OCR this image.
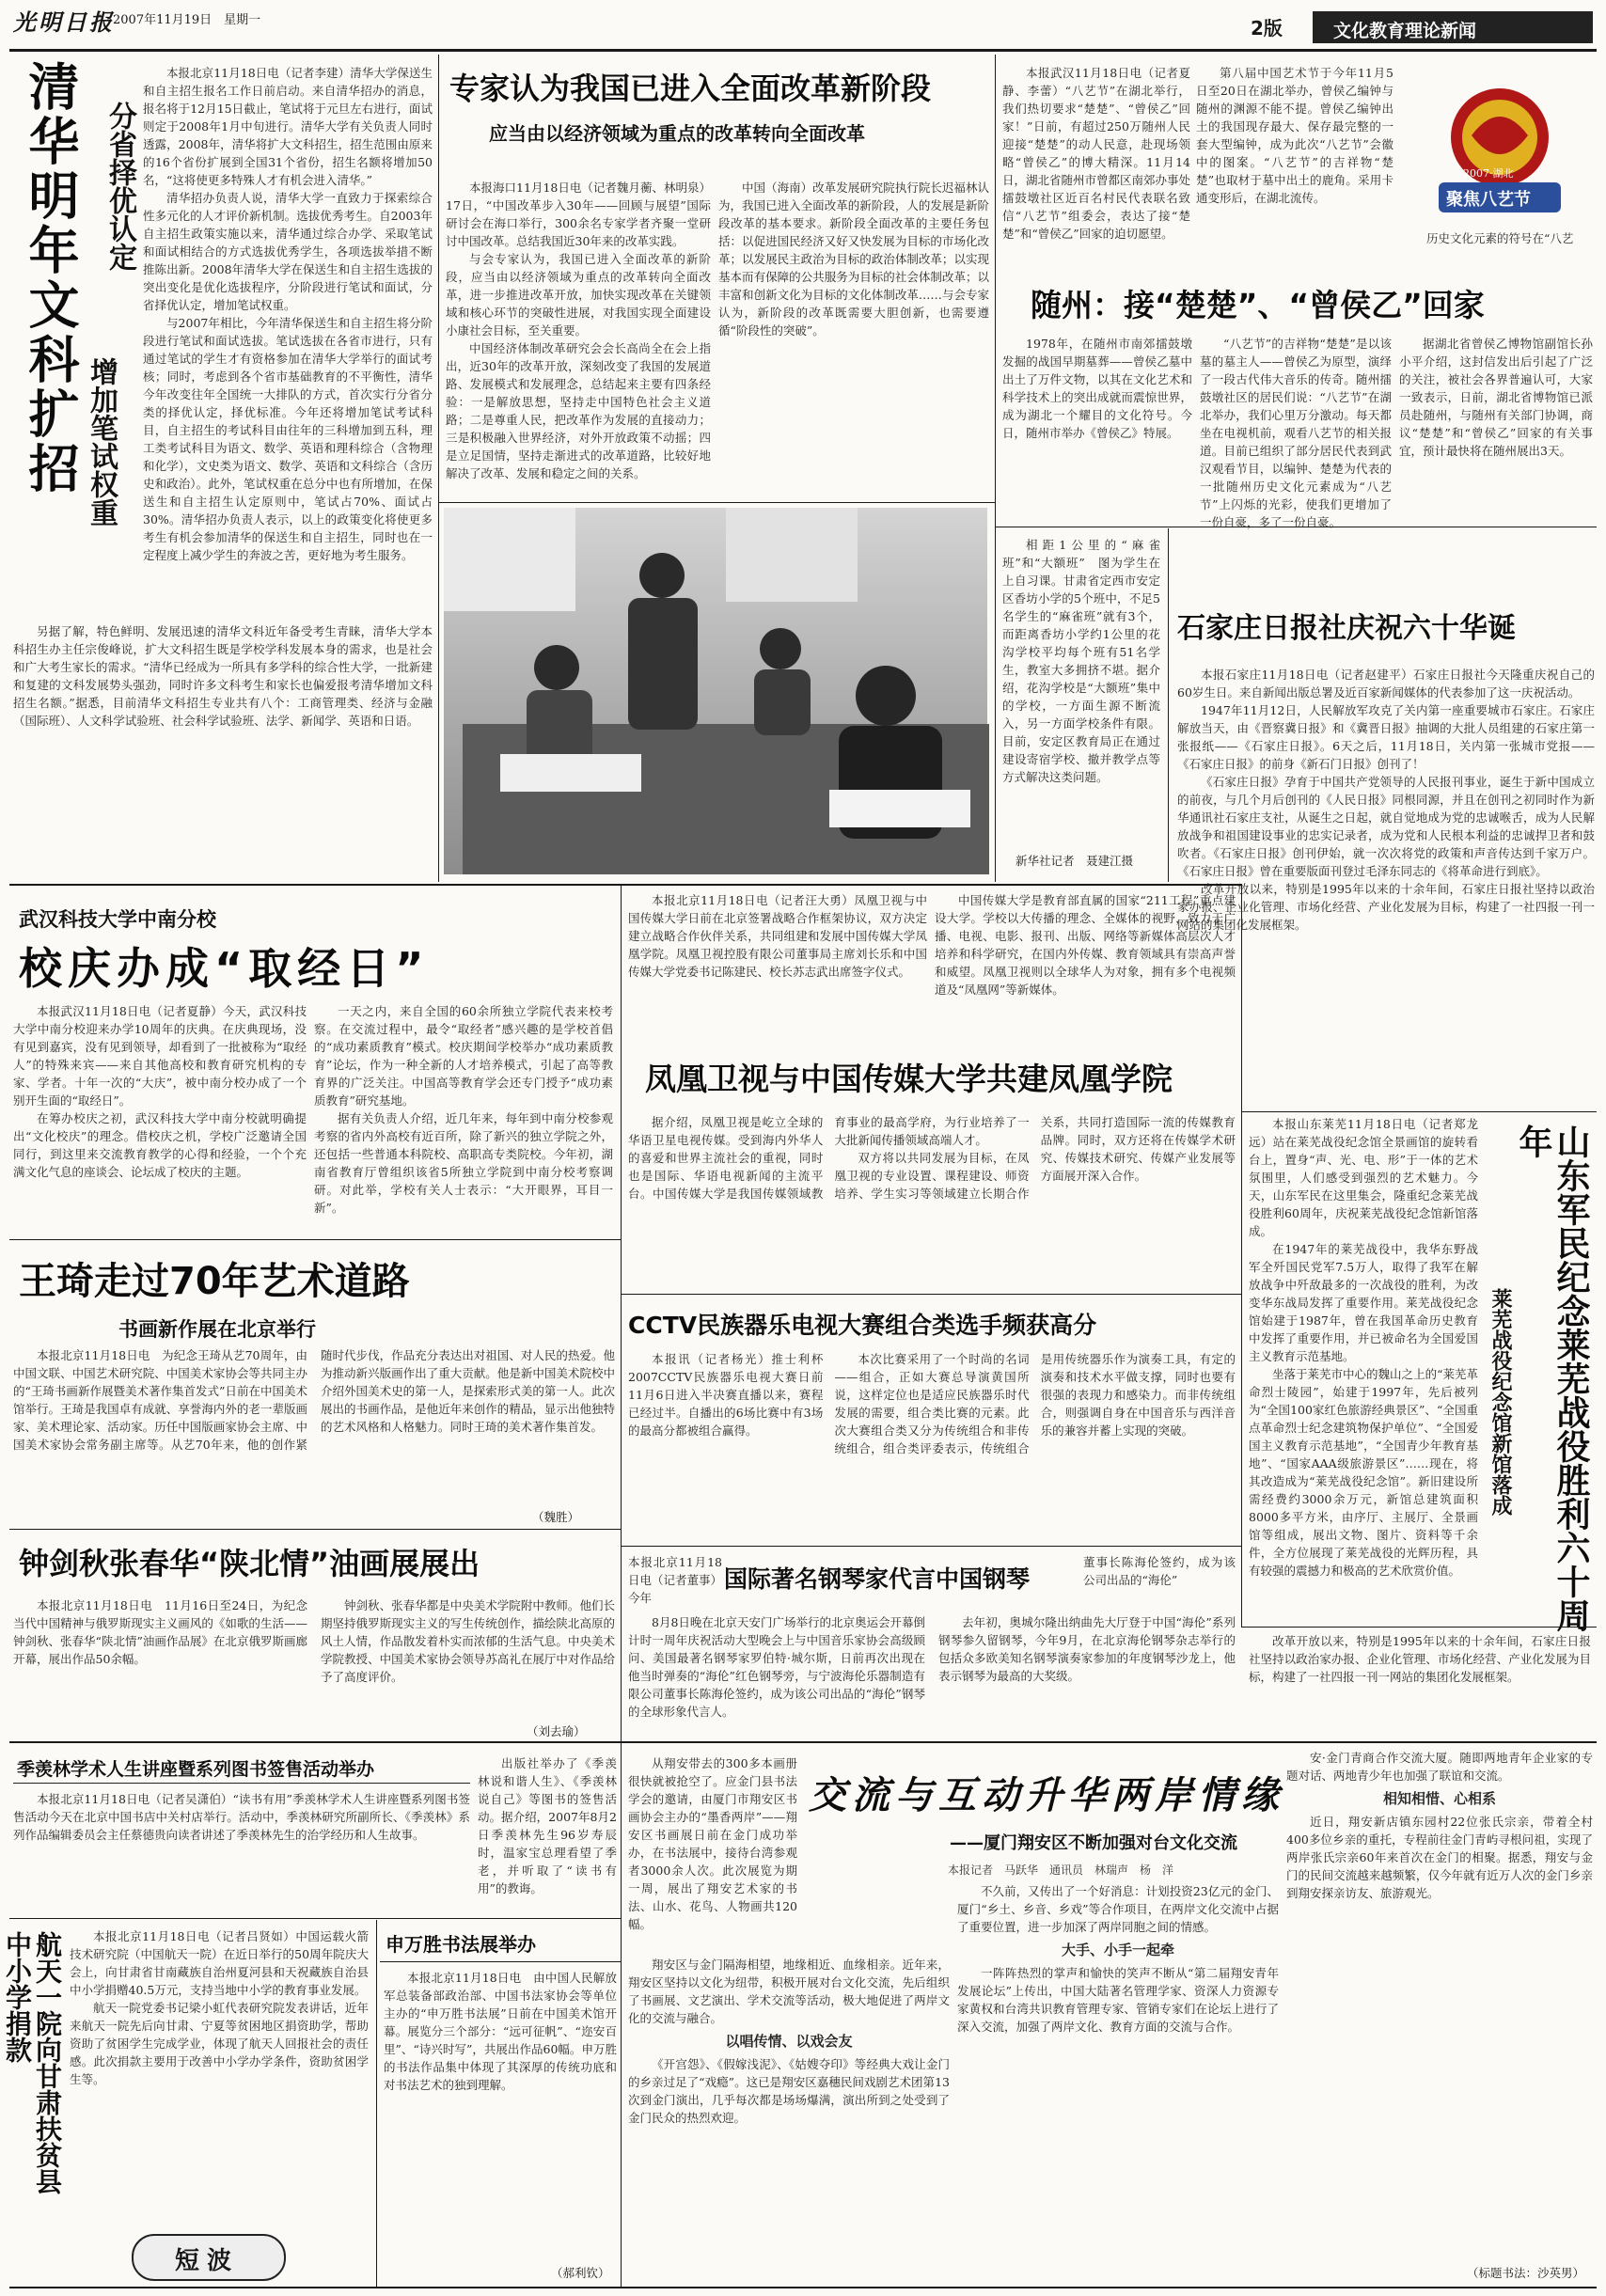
光明日报
2007年11月19日　星期一	2版	文化教育理论新闻
清华明年文科扩招 分省择优认定
增加笔试权重

本报北京11月18日电（记者李建）清华大学保送生和自主招生报名工作日前启动。来自清华招办的消息，报名将于12月15日截止，笔试将于元旦左右进行，面试则定于2008年1月中旬进行。清华大学有关负责人同时透露，2008年，清华将扩大文科招生，招生范围由原来的16个省份扩展到全国31个省份，招生名额将增加50名，“这将使更多特殊人才有机会进入清华。”

清华招办负责人说，清华大学一直致力于探索综合性多元化的人才评价新机制。选拔优秀考生。自2003年自主招生政策实施以来，清华通过综合办学、采取笔试和面试相结合的方式选拔优秀学生，各项选拔举措不断推陈出新。2008年清华大学在保送生和自主招生选拔的突出变化是优化选拔程序，分阶段进行笔试和面试，分省择优认定，增加笔试权重。

与2007年相比，今年清华保送生和自主招生将分阶段进行笔试和面试选拔。笔试选拔在各省市进行，只有通过笔试的学生才有资格参加在清华大学举行的面试考核；同时，考虑到各个省市基础教育的不平衡性，清华今年改变往年全国统一大排队的方式，首次实行分省分类的择优认定，择优标准。今年还将增加笔试考试科目，自主招生的考试科目由往年的三科增加到五科，理工类考试科目为语文、数学、英语和理科综合（含物理和化学），文史类为语文、数学、英语和文科综合（含历史和政治）。此外，笔试权重在总分中也有所增加，在保送生和自主招生认定原则中，笔试占70%、面试占30%。清华招办负责人表示，以上的政策变化将使更多考生有机会参加清华的保送生和自主招生，同时也在一定程度上减少学生的奔波之苦，更好地为考生服务。

另据了解，特色鲜明、发展迅速的清华文科近年备受考生青睐，清华大学本科招生办主任宗俊峰说，扩大文科招生既是学校学科发展本身的需求，也是社会和广大考生家长的需求。“清华已经成为一所具有多学科的综合性大学，一批新建和复建的文科发展势头强劲，同时许多文科考生和家长也偏爱报考清华增加文科招生名额。”据悉，目前清华文科招生专业共有八个：工商管理类、经济与金融（国际班）、人文科学试验班、社会科学试验班、法学、新闻学、英语和日语。

专家认为我国已进入全面改革新阶段
应当由以经济领域为重点的改革转向全面改革

本报海口11月18日电（记者魏月蘅、林明泉）17日，“中国改革步入30年——回顾与展望”国际研讨会在海口举行，300余名专家学者齐聚一堂研讨中国改革。总结我国近30年来的改革实践。

与会专家认为，我国已进入全面改革的新阶段，应当由以经济领域为重点的改革转向全面改革，进一步推进改革开放，加快实现改革在关键领域和核心环节的突破性进展，对我国实现全面建设小康社会目标，至关重要。

中国经济体制改革研究会会长高尚全在会上指出，近30年的改革开放，深刻改变了我国的发展道路、发展模式和发展理念，总结起来主要有四条经验：一是解放思想，坚持走中国特色社会主义道路；二是尊重人民，把改革作为发展的直接动力；三是积极融入世界经济，对外开放政策不动摇；四是立足国情，坚持走渐进式的改革道路，比较好地解决了改革、发展和稳定之间的关系。

中国（海南）改革发展研究院执行院长迟福林认为，我国已进入全面改革的新阶段，人的发展是新阶段改革的基本要求。新阶段全面改革的主要任务包括：以促进国民经济又好又快发展为目标的市场化改革；以发展民主政治为目标的政治体制改革；以实现基本而有保障的公共服务为目标的社会体制改革；以丰富和创新文化为目标的文化体制改革……与会专家认为，新阶段的改革既需要大胆创新，也需要遵循“阶段性的突破”。

本报武汉11月18日电（记者夏静、李蕾）“八艺节”在湖北举行，我们热切要求“楚楚”、“曾侯乙”回家！”日前，有超过250万随州人民迎接“楚楚”的动人民意，赴现场领略“曾侯乙”的博大精深。11月14日，湖北省随州市曾都区南郊办事处擂鼓墩社区近百名村民代表联名致信“八艺节”组委会，表达了接“楚楚”和“曾侯乙”回家的迫切愿望。

第八届中国艺术节于今年11月5日至20日在湖北举办，曾侯乙编钟与随州的渊源不能不提。曾侯乙编钟出土的我国现存最大、保存最完整的一套大型编钟，成为此次“八艺节”会徽中的图案。“八艺节”的吉祥物“楚楚”也取材于墓中出土的鹿角。采用卡通变形后，在湖北流传。

2007·湖北
聚焦八艺节

历史文化元素的符号在“八艺

随州：接“楚楚”、“曾侯乙”回家

1978年，在随州市南郊擂鼓墩发掘的战国早期墓葬——曾侯乙墓中出土了万件文物，以其在文化艺术和科学技术上的突出成就而震惊世界，成为湖北一个耀目的文化符号。今日，随州市举办《曾侯乙》特展。

“八艺节”的吉祥物“楚楚”是以该墓的墓主人——曾侯乙为原型，演绎了一段古代伟大音乐的传奇。随州擂鼓墩社区的居民们说：“八艺节”在湖北举办，我们心里万分激动。每天都坐在电视机前，观看八艺节的相关报道。目前已组织了部分居民代表到武汉观看节目，以编钟、楚楚为代表的一批随州历史文化元素成为“八艺节”上闪烁的光彩，使我们更增加了一份自豪，多了一份自豪。

据湖北省曾侯乙博物馆副馆长孙小平介绍，这封信发出后引起了广泛的关注，被社会各界普遍认可，大家一致表示，日前，湖北省博物馆已派员赴随州，与随州有关部门协调，商议“楚楚”和“曾侯乙”回家的有关事宜，预计最快将在随州展出3天。

相距1公里的“麻雀班”和“大额班”　图为学生在上自习课。甘肃省定西市安定区香坊小学的5个班中，不足5名学生的“麻雀班”就有3个，而距离香坊小学约1公里的花沟学校平均每个班有51名学生，教室大多拥挤不堪。据介绍，花沟学校是“大额班”集中的学校，一方面生源不断流入，另一方面学校条件有限。目前，安定区教育局正在通过建设寄宿学校、撤并教学点等方式解决这类问题。

新华社记者　聂建江摄
石家庄日报社庆祝六十华诞

本报石家庄11月18日电（记者赵建平）石家庄日报社今天隆重庆祝自己的60岁生日。来自新闻出版总署及近百家新闻媒体的代表参加了这一庆祝活动。

1947年11月12日，人民解放军攻克了关内第一座重要城市石家庄。石家庄解放当天，由《晋察冀日报》和《冀晋日报》抽调的大批人员组建的石家庄第一张报纸——《石家庄日报》。6天之后，11月18日，关内第一张城市党报——《石家庄日报》的前身《新石门日报》创刊了！

《石家庄日报》孕育于中国共产党领导的人民报刊事业，诞生于新中国成立的前夜，与几个月后创刊的《人民日报》同根同源，并且在创刊之初同时作为新华通讯社石家庄支社，从诞生之日起，就自觉地成为党的忠诚喉舌，成为人民解放战争和祖国建设事业的忠实记录者，成为党和人民根本利益的忠诚捍卫者和鼓吹者。《石家庄日报》创刊伊始，就一次次将党的政策和声音传达到千家万户。《石家庄日报》曾在重要版面刊登过毛泽东同志的《将革命进行到底》。

改革开放以来，特别是1995年以来的十余年间，石家庄日报社坚持以政治家办报、企业化管理、市场化经营、产业化发展为目标，构建了一社四报一刊一网站的集团化发展框架。

本报山东莱芜11月18日电（记者郑龙远）站在莱芜战役纪念馆全景画馆的旋转看台上，置身“声、光、电、形”于一体的艺术氛围里，人们感受到强烈的艺术魅力。今天，山东军民在这里集会，隆重纪念莱芜战役胜利60周年，庆祝莱芜战役纪念馆新馆落成。

在1947年的莱芜战役中，我华东野战军全歼国民党军7.5万人，取得了我军在解放战争中歼敌最多的一次战役的胜利，为改变华东战局发挥了重要作用。莱芜战役纪念馆始建于1987年，曾在我国革命历史教育中发挥了重要作用，并已被命名为全国爱国主义教育示范基地。

坐落于莱芜市中心的魏山之上的“莱芜革命烈士陵园”，始建于1997年，先后被列为“全国100家红色旅游经典景区”、“全国重点革命烈士纪念建筑物保护单位”、“全国爱国主义教育示范基地”，“全国青少年教育基地”、“国家AAA级旅游景区”……现在，将其改造成为“莱芜战役纪念馆”。新旧建设所需经费约3000余万元，新馆总建筑面积8000多平方米，由序厅、主展厅、全景画馆等组成，展出文物、图片、资料等千余件，全方位展现了莱芜战役的光辉历程，具有较强的震撼力和极高的艺术欣赏价值。

莱芜战役纪念馆新馆落成	山东军民纪念莱芜战役胜利六十周年
武汉科技大学中南分校
校庆办成“取经日”

本报武汉11月18日电（记者夏静）今天，武汉科技大学中南分校迎来办学10周年的庆典。在庆典现场，没有见到嘉宾，没有见到领导，却看到了一批被称为“取经人”的特殊来宾——来自其他高校和教育研究机构的专家、学者。十年一次的“大庆”，被中南分校办成了一个别开生面的“取经日”。

在筹办校庆之初，武汉科技大学中南分校就明确提出“文化校庆”的理念。借校庆之机，学校广泛邀请全国同行，到这里来交流教育教学的心得和经验，一个个充满文化气息的座谈会、论坛成了校庆的主题。

一天之内，来自全国的60余所独立学院代表来校考察。在交流过程中，最令“取经者”感兴趣的是学校首倡的“成功素质教育”模式。校庆期间学校举办“成功素质教育”论坛，作为一种全新的人才培养模式，引起了高等教育界的广泛关注。中国高等教育学会还专门授予“成功素质教育”研究基地。

据有关负责人介绍，近几年来，每年到中南分校参观考察的省内外高校有近百所，除了新兴的独立学院之外，还包括一些普通本科院校、高职高专类院校。今年初，湖南省教育厅曾组织该省5所独立学院到中南分校考察调研。对此举，学校有关人士表示：“大开眼界，耳目一新”。

王琦走过70年艺术道路
书画新作展在北京举行

本报北京11月18日电　为纪念王琦从艺70周年，由中国文联、中国艺术研究院、中国美术家协会等共同主办的“王琦书画新作展暨美术著作集首发式”日前在中国美术馆举行。王琦是我国卓有成就、享誉海内外的老一辈版画家、美术理论家、活动家。历任中国版画家协会主席、中国美术家协会常务副主席等。从艺70年来，他的创作紧随时代步伐，作品充分表达出对祖国、对人民的热爱。他为推动新兴版画作出了重大贡献。他是新中国美术院校中介绍外国美术史的第一人，是探索形式美的第一人。此次展出的书画作品，是他近年来创作的精品，显示出他独特的艺术风格和人格魅力。同时王琦的美术著作集首发。

（魏胜）
钟剑秋张春华“陕北情”油画展展出

本报北京11月18日电　11月16日至24日，为纪念当代中国精神与俄罗斯现实主义画风的《如歌的生活——钟剑秋、张春华“陕北情”油画作品展》在北京俄罗斯画廊开幕，展出作品50余幅。

钟剑秋、张春华都是中央美术学院附中教师。他们长期坚持俄罗斯现实主义的写生传统创作，描绘陕北高原的风土人情，作品散发着朴实而浓郁的生活气息。中央美术学院教授、中国美术家协会领导苏高礼在展厅中对作品给予了高度评价。

（刘去瑜）

本报北京11月18日电（记者汪大勇）凤凰卫视与中国传媒大学日前在北京签署战略合作框架协议，双方决定建立战略合作伙伴关系，共同组建和发展中国传媒大学凤凰学院。凤凰卫视控股有限公司董事局主席刘长乐和中国传媒大学党委书记陈建民、校长苏志武出席签字仪式。

中国传媒大学是教育部直属的国家“211工程”重点建设大学。学校以大传播的理念、全媒体的视野，致力于广播、电视、电影、报刊、出版、网络等新媒体高层次人才培养和科学研究，在国内外传媒、教育领域具有崇高声誉和威望。凤凰卫视则以全球华人为对象，拥有多个电视频道及“凤凰网”等新媒体。

凤凰卫视与中国传媒大学共建凤凰学院

据介绍，凤凰卫视是屹立全球的华语卫星电视传媒。受到海内外华人的喜爱和世界主流社会的重视，同时也是国际、华语电视新闻的主流平台。中国传媒大学是我国传媒领域教育事业的最高学府，为行业培养了一大批新闻传播领域高端人才。

双方将以共同发展为目标，在凤凰卫视的专业设置、课程建设、师资培养、学生实习等领域建立长期合作关系，共同打造国际一流的传媒教育品牌。同时，双方还将在传媒学术研究、传媒技术研究、传媒产业发展等方面展开深入合作。

CCTV民族器乐电视大赛组合类选手频获高分

本报讯（记者杨光）推士利杯2007CCTV民族器乐电视大赛日前11月6日进入半决赛直播以来，赛程已经过半。自播出的6场比赛中有3场的最高分都被组合赢得。

本次比赛采用了一个时尚的名词——组合，正如大赛总导演黄国所说，这样定位也是适应民族器乐时代发展的需要，组合类比赛的元素。此次大赛组合类又分为传统组合和非传统组合，组合类评委表示，传统组合是用传统器乐作为演奏工具，有定的演奏和技术水平做支撑，同时也要有很强的表现力和感染力。而非传统组合，则强调自身在中国音乐与西洋音乐的兼容并蓄上实现的突破。

本报北京11月18日电（记者董事）今年

国际著名钢琴家代言中国钢琴

董事长陈海伦签约，成为该公司出品的“海伦”

8月8日晚在北京天安门广场举行的北京奥运会开幕倒计时一周年庆祝活动大型晚会上与中国音乐家协会高级顾问、美国最著名钢琴家罗伯特·城尔斯，日前再次出现在他当时弹奏的“海伦”红色钢琴旁，与宁波海伦乐器制造有限公司董事长陈海伦签约，成为该公司出品的“海伦”钢琴的全球形象代言人。

去年初，奥城尔隆出纳曲先大厅登于中国“海伦”系列钢琴参久留钢琴，今年9月，在北京海伦钢琴杂志举行的包括众多欧美知名钢琴演奏家参加的年度钢琴沙龙上，他表示钢琴为最高的大奖级。

改革开放以来，特别是1995年以来的十余年间，石家庄日报社坚持以政治家办报、企业化管理、市场化经营、产业化发展为目标，构建了一社四报一刊一网站的集团化发展框架。

季羡林学术人生讲座暨系列图书签售活动举办

本报北京11月18日电（记者吴潇伯）“读书有用”季羡林学术人生讲座暨系列图书签售活动今天在北京中国书店中关村店举行。活动中，季羡林研究所副所长、《季羡林》系列作品编辑委员会主任蔡德贵向读者讲述了季羡林先生的治学经历和人生故事。

出版社举办了《季羡林说和谐人生》、《季羡林说自己》等图书的签售活动。据介绍，2007年8月2日季羡林先生96岁寿辰时，温家宝总理看望了季老，并听取了“读书有用”的教诲。

航天一院向甘肃扶贫县中小学捐款	本报北京11月18日电（记者吕贤如）中国运载火箭技术研究院（中国航天一院）在近日举行的50周年院庆大会上，向甘肃省甘南藏族自治州夏河县和天祝藏族自治县中小学捐赠40.5万元，支持当地中小学的教育事业发展。

航天一院党委书记梁小虹代表研究院发表讲话，近年来航天一院先后向甘肃、宁夏等贫困地区捐资助学，帮助资助了贫困学生完成学业，体现了航天人回报社会的责任感。此次捐款主要用于改善中小学办学条件，资助贫困学生等。

申万胜书法展举办

本报北京11月18日电　由中国人民解放军总装备部政治部、中国书法家协会等单位主办的“申万胜书法展”日前在中国美术馆开幕。展览分三个部分：“远可征帆”、“迩安百里”、“诗兴时写”，共展出作品60幅。申万胜的书法作品集中体现了其深厚的传统功底和对书法艺术的独到理解。

（郝利钦）
短波

从翔安带去的300多本画册很快就被抢空了。应金门县书法学会的邀请，由厦门市翔安区书画协会主办的“墨香两岸”——翔安区书画展日前在金门成功举办，在书法展中，接待台湾参观者3000余人次。此次展览为期一周，展出了翔安艺术家的书法、山水、花鸟、人物画共120幅。

交流与互动升华两岸情缘
——厦门翔安区不断加强对台文化交流
本报记者　马跃华　通讯员　林瑞声　杨　洋

翔安区与金门隔海相望，地缘相近、血缘相亲。近年来，翔安区坚持以文化为纽带，积极开展对台文化交流，先后组织了书画展、文艺演出、学术交流等活动，极大地促进了两岸文化的交流与融合。

以唱传情、以戏会友

《开宫怨》、《假嫁浅泥》、《姑嫂夺印》等经典大戏让金门的乡亲过足了“戏瘾”。这已是翔安区嘉穗民间戏剧艺术团第13次到金门演出，几乎每次都是场场爆满，演出所到之处受到了金门民众的热烈欢迎。

不久前，又传出了一个好消息：计划投资23亿元的金门、厦门“乡土、乡音、乡戏”等合作项目，在两岸文化交流中占据了重要位置，进一步加深了两岸同胞之间的情感。

大手、小手一起牵

一阵阵热烈的掌声和愉快的笑声不断从“第二届翔安青年发展论坛”上传出，中国大陆著名管理学家、资深人力资源专家黄权和台湾共识教育管理专家、管销专家们在论坛上进行了深入交流，加强了两岸文化、教育方面的交流与合作。

安·金门青商合作交流大厦。随即两地青年企业家的专题对话、两地青少年也加强了联谊和交流。

相知相惜、心相系

近日，翔安新店镇东园村22位张氏宗亲，带着全村400多位乡亲的重托，专程前往金门青屿寻根问祖，实现了两岸张氏宗亲60年来首次在金门的相聚。据悉，翔安与金门的民间交流越来越频繁，仅今年就有近万人次的金门乡亲到翔安探亲访友、旅游观光。

（标题书法：沙英男）
